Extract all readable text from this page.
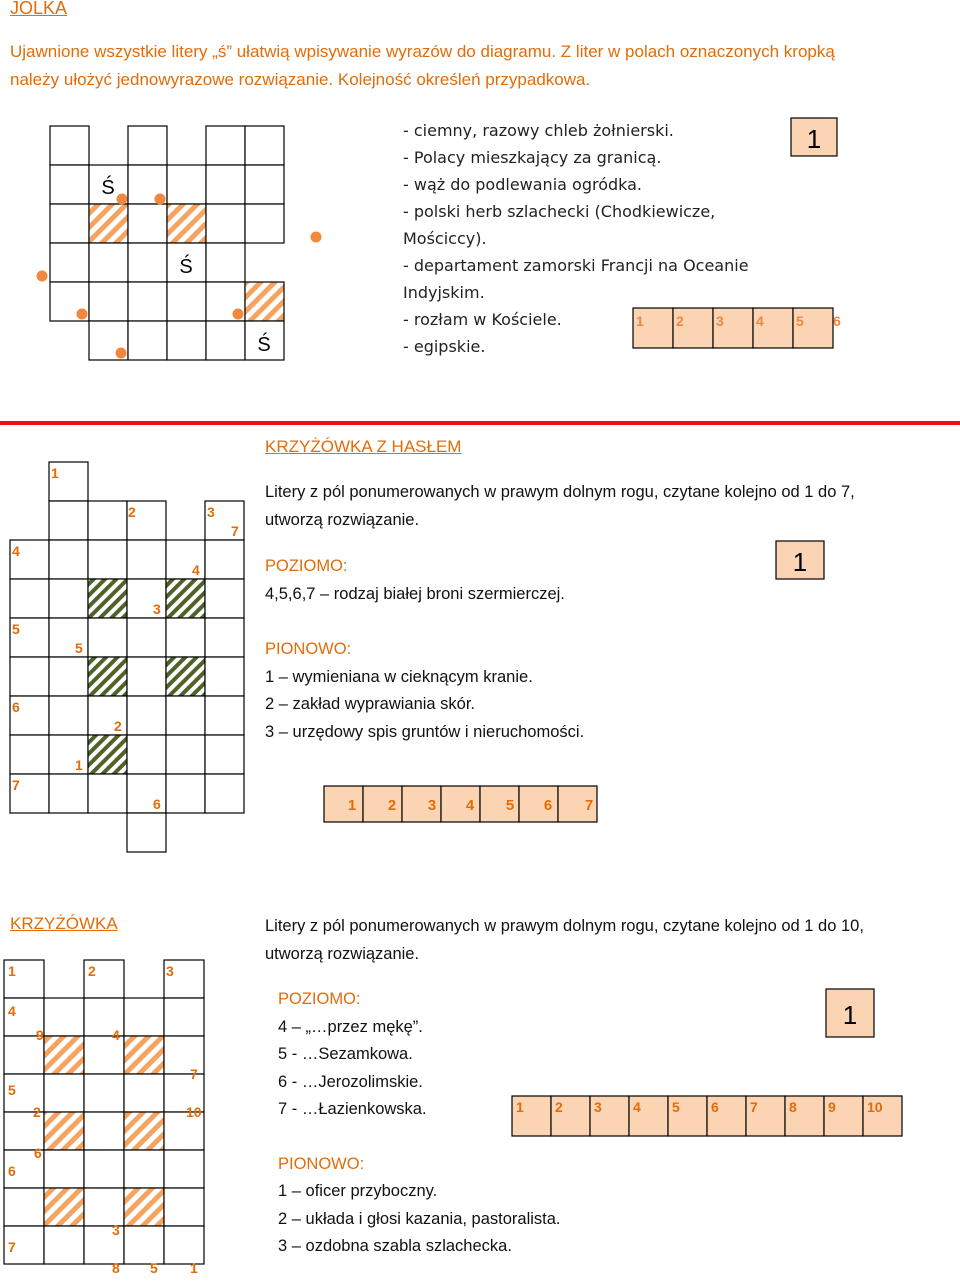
JOLKA
Ujawnione wszystkie litery „ś” ułatwią wpisywanie wyrazów do diagramu. Z liter w polach oznaczonych kropką
należy ułożyć jednowyrazowe rozwiązanie. Kolejność określeń przypadkowa.
Ś
Ś
Ś
- ciemny, razowy chleb żołnierski.
- Polacy mieszkający za granicą.
- wąż do podlewania ogródka.
- polski herb szlachecki (Chodkiewicze,
Mościccy).
- departament zamorski Francji na Oceanie
Indyjskim.
- rozłam w Kościele.
- egipskie.
1
1 2 3 4 5 6
1
2	3
4
5
6
7
1
2
3
4
5
6
7
KRZYŻÓWKA Z HASŁEM
Litery z pól ponumerowanych w prawym dolnym rogu, czytane kolejno od 1 do 7,
utworzą rozwiązanie.
POZIOMO:
4,5,6,7 – rodzaj białej broni szermierczej.
PIONOWO:
1 – wymieniana w cieknącym kranie.
2 – zakład wyprawiania skór.
3 – urzędowy spis gruntów i nieruchomości.
1
1 2 3 4 5 6 7
KRZYŻÓWKA
1	2	3
4
5
6
7
9	4
2
7
10
6
3
8 5 1
Litery z pól ponumerowanych w prawym dolnym rogu, czytane kolejno od 1 do 10,
utworzą rozwiązanie.
POZIOMO:
4 – „…przez mękę”.
5 - …Sezamkowa.
6 - …Jerozolimskie.
7 - …Łazienkowska.
PIONOWO:
1 – oficer przyboczny.
2 – układa i głosi kazania, pastoralista.
3 – ozdobna szabla szlachecka.
1
1 2 3 4 5 6 7 8 9 10
